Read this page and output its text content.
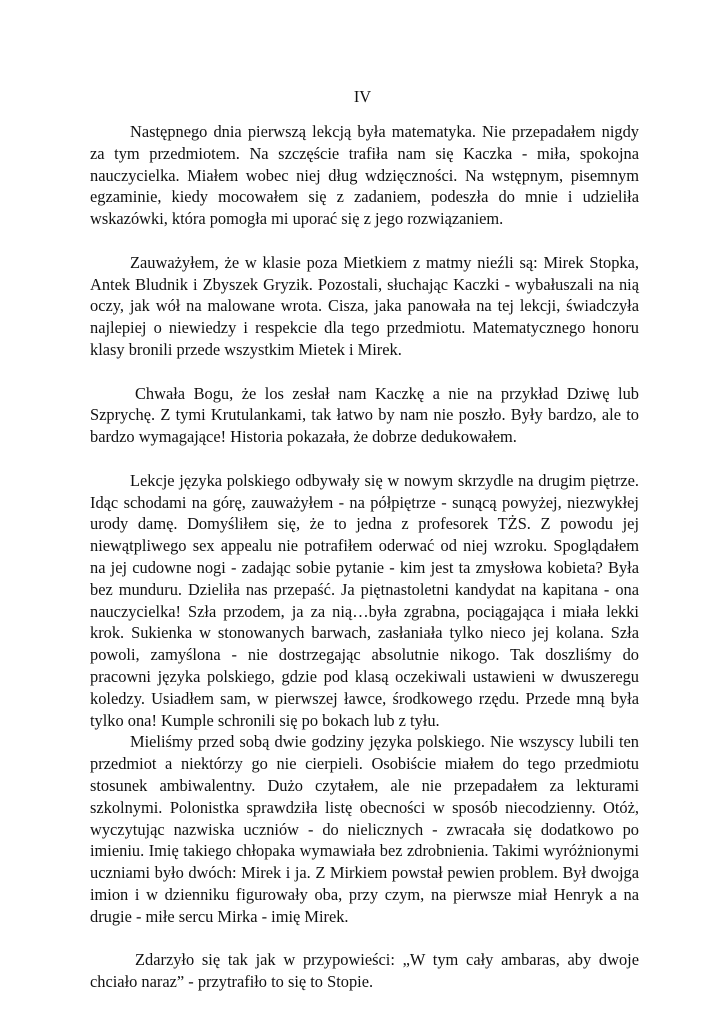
IV

Następnego dnia pierwszą lekcją była matematyka. Nie przepadałem nigdy za tym przedmiotem. Na szczęście trafiła nam się Kaczka - miła, spokojna nauczycielka. Miałem wobec niej dług wdzięczności. Na wstępnym, pisemnym egzaminie, kiedy mocowałem się z zadaniem, podeszła do mnie i udzieliła wskazówki, która pomogła mi uporać się z jego rozwiązaniem.

Zauważyłem, że w klasie poza Mietkiem z matmy nieźli są: Mirek Stopka, Antek Bludnik i Zbyszek Gryzik. Pozostali, słuchając Kaczki - wybałuszali na nią oczy, jak wół na malowane wrota. Cisza, jaka panowała na tej lekcji, świadczyła najlepiej o niewiedzy i respekcie dla tego przedmiotu. Matematycznego honoru klasy bronili przede wszystkim Mietek i Mirek.

Chwała Bogu, że los zesłał nam Kaczkę a nie na przykład Dziwę lub Szprychę. Z tymi Krutulankami, tak łatwo by nam nie poszło. Były bardzo, ale to bardzo wymagające! Historia pokazała, że dobrze dedukowałem.

Lekcje języka polskiego odbywały się w nowym skrzydle na drugim piętrze. Idąc schodami na górę, zauważyłem - na półpiętrze - sunącą powyżej, niezwykłej urody damę. Domyśliłem się, że to jedna z profesorek TŻS. Z powodu jej niewątpliwego sex appealu nie potrafiłem oderwać od niej wzroku. Spoglądałem na jej cudowne nogi - zadając sobie pytanie - kim jest ta zmysłowa kobieta? Była bez munduru. Dzieliła nas przepaść. Ja piętnastoletni kandydat na kapitana - ona nauczycielka! Szła przodem, ja za nią…była zgrabna, pociągająca i miała lekki krok. Sukienka w stonowanych barwach, zasłaniała tylko nieco jej kolana. Szła powoli, zamyślona - nie dostrzegając absolutnie nikogo. Tak doszliśmy do pracowni języka polskiego, gdzie pod klasą oczekiwali ustawieni w dwuszeregu koledzy. Usiadłem sam, w pierwszej ławce, środkowego rzędu. Przede mną była tylko ona! Kumple schronili się po bokach lub z tyłu.

Mieliśmy przed sobą dwie godziny języka polskiego. Nie wszyscy lubili ten przedmiot a niektórzy go nie cierpieli. Osobiście miałem do tego przedmiotu stosunek ambiwalentny. Dużo czytałem, ale nie przepadałem za lekturami szkolnymi. Polonistka sprawdziła listę obecności w sposób niecodzienny. Otóż, wyczytując nazwiska uczniów - do nielicznych - zwracała się dodatkowo po imieniu. Imię takiego chłopaka wymawiała bez zdrobnienia. Takimi wyróżnionymi uczniami było dwóch: Mirek i ja. Z Mirkiem powstał pewien problem. Był dwojga imion i w dzienniku figurowały oba, przy czym, na pierwsze miał Henryk a na drugie - miłe sercu Mirka - imię Mirek.

Zdarzyło się tak jak w przypowieści: „W tym cały ambaras, aby dwoje chciało naraz” - przytrafiło to się to Stopie.
